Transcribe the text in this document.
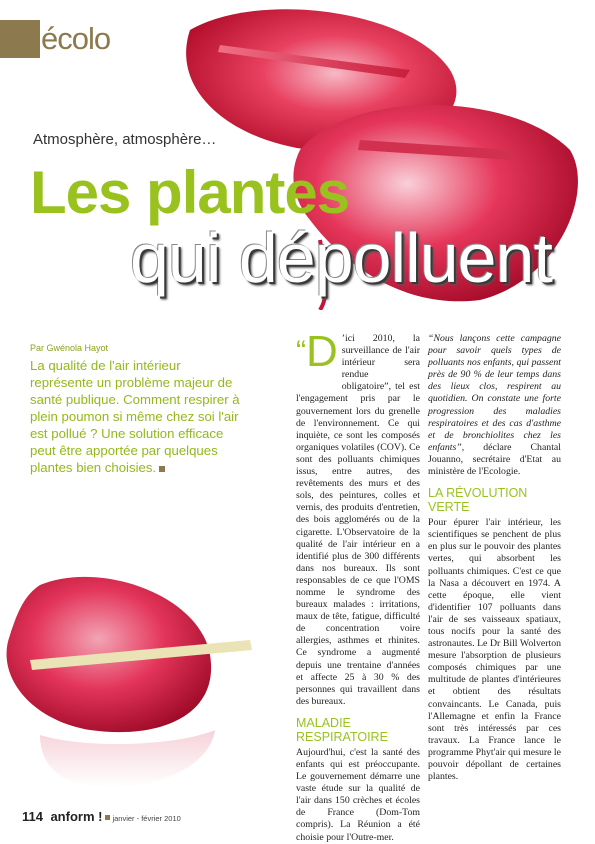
écolo
Atmosphère, atmosphère…
Les plantes
qui dépolluent
Par Gwénola Hayot

La qualité de l'air intérieur représente un problème majeur de santé publique. Comment respirer à plein poumon si même chez soi l'air est pollué ? Une solution efficace peut être apportée par quelques plantes bien choisies.

“D ’ici 2010, la surveillance de l'air intérieur sera rendue obligatoire”, tel est l'engagement pris par le gouvernement lors du grenelle de l'environnement. Ce qui inquiète, ce sont les composés organiques volatiles (COV). Ce sont des polluants chimiques issus, entre autres, des revêtements des murs et des sols, des peintures, colles et vernis, des produits d'entretien, des bois agglomérés ou de la cigarette. L'Observatoire de la qualité de l'air intérieur en a identifié plus de 300 différents dans nos bureaux. Ils sont responsables de ce que l'OMS nomme le syndrome des bureaux malades : irritations, maux de tête, fatigue, difficulté de concentration voire allergies, asthmes et rhinites. Ce syndrome a augmenté depuis une trentaine d'années et affecte 25 à 30 % des personnes qui travaillent dans des bureaux.

MALADIE RESPIRATOIRE

Aujourd'hui, c'est la santé des enfants qui est préoccupante. Le gouvernement démarre une vaste étude sur la qualité de l'air dans 150 crèches et écoles de France (Dom-Tom compris). La Réunion a été choisie pour l'Outre-mer.

“Nous lançons cette campagne pour savoir quels types de polluants nos enfants, qui passent près de 90 % de leur temps dans des lieux clos, respirent au quotidien. On constate une forte progression des maladies respiratoires et des cas d'asthme et de bronchiolites chez les enfants”, déclare Chantal Jouanno, secrétaire d'Etat au ministère de l'Ecologie.

LA RÉVOLUTION VERTE

Pour épurer l'air intérieur, les scientifiques se penchent de plus en plus sur le pouvoir des plantes vertes, qui absorbent les polluants chimiques. C'est ce que la Nasa a découvert en 1974. A cette époque, elle vient d'identifier 107 polluants dans l'air de ses vaisseaux spatiaux, tous nocifs pour la santé des astronautes. Le Dr Bill Wolverton mesure l'absorption de plusieurs composés chimiques par une multitude de plantes d'intérieures et obtient des résultats convaincants. Le Canada, puis l'Allemagne et enfin la France sont très intéressés par ces travaux. La France lance le programme Phyt'air qui mesure le pouvoir dépollant de certaines plantes.

114 anform ! janvier - février 2010
